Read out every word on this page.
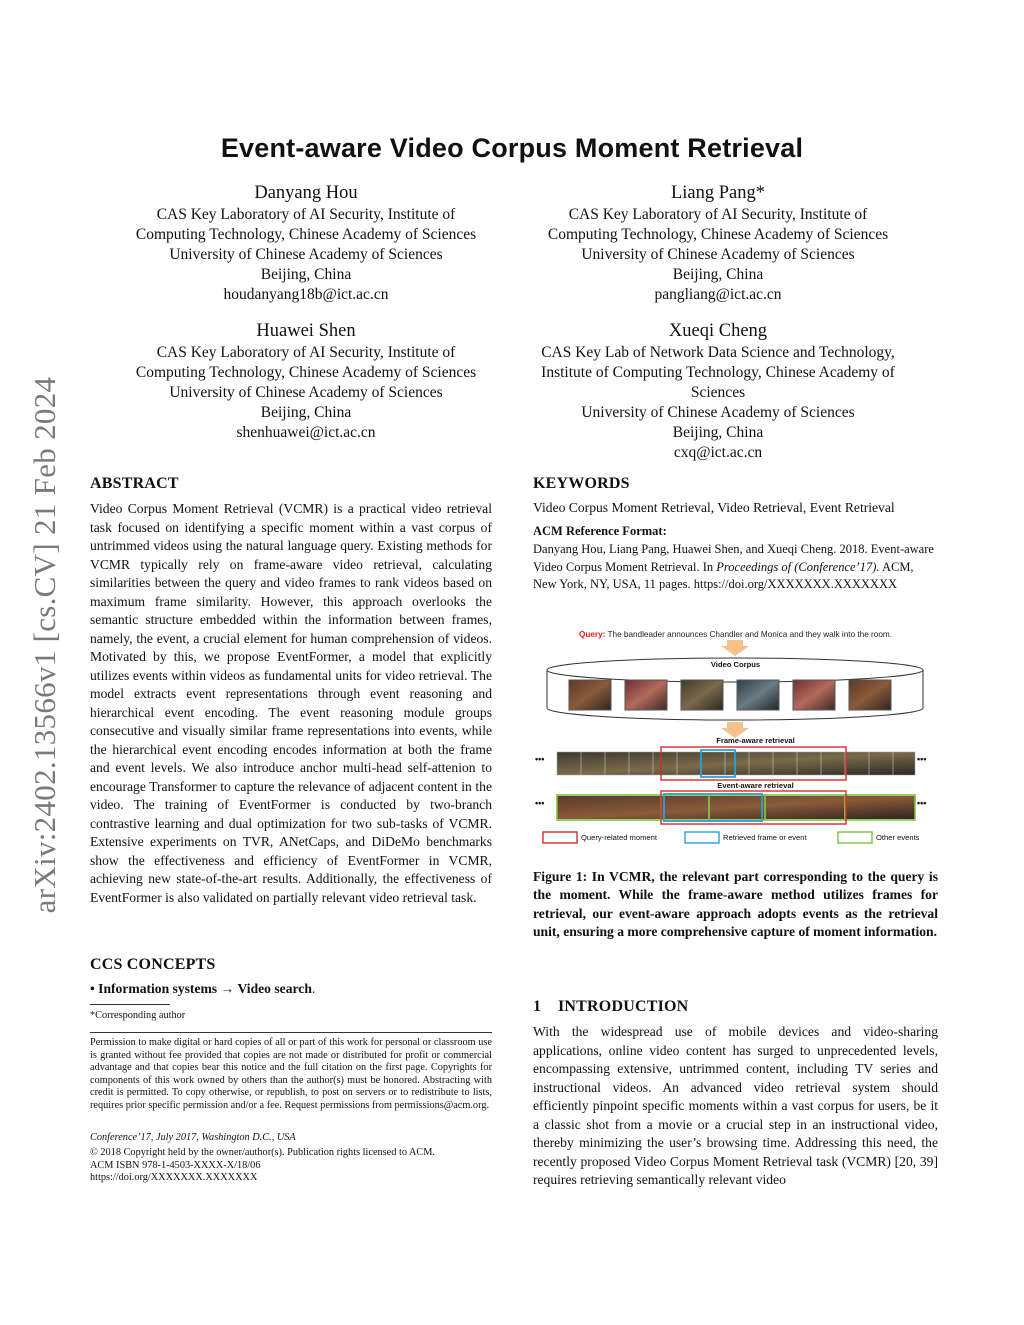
arXiv:2402.13566v1 [cs.CV] 21 Feb 2024
Event-aware Video Corpus Moment Retrieval
Danyang Hou
CAS Key Laboratory of AI Security, Institute of
Computing Technology, Chinese Academy of Sciences
University of Chinese Academy of Sciences
Beijing, China
houdanyang18b@ict.ac.cn
Liang Pang*
CAS Key Laboratory of AI Security, Institute of
Computing Technology, Chinese Academy of Sciences
University of Chinese Academy of Sciences
Beijing, China
pangliang@ict.ac.cn
Huawei Shen
CAS Key Laboratory of AI Security, Institute of
Computing Technology, Chinese Academy of Sciences
University of Chinese Academy of Sciences
Beijing, China
shenhuawei@ict.ac.cn
Xueqi Cheng
CAS Key Lab of Network Data Science and Technology,
Institute of Computing Technology, Chinese Academy of
Sciences
University of Chinese Academy of Sciences
Beijing, China
cxq@ict.ac.cn
ABSTRACT
Video Corpus Moment Retrieval (VCMR) is a practical video retrieval task focused on identifying a specific moment within a vast corpus of untrimmed videos using the natural language query. Existing methods for VCMR typically rely on frame-aware video retrieval, calculating similarities between the query and video frames to rank videos based on maximum frame similarity. However, this approach overlooks the semantic structure embedded within the information between frames, namely, the event, a crucial element for human comprehension of videos. Motivated by this, we propose EventFormer, a model that explicitly utilizes events within videos as fundamental units for video retrieval. The model extracts event representations through event reasoning and hierarchical event encoding. The event reasoning module groups consecutive and visually similar frame representations into events, while the hierarchical event encoding encodes information at both the frame and event levels. We also introduce anchor multi-head self-attenion to encourage Transformer to capture the relevance of adjacent content in the video. The training of EventFormer is conducted by two-branch contrastive learning and dual optimization for two sub-tasks of VCMR. Extensive experiments on TVR, ANetCaps, and DiDeMo benchmarks show the effectiveness and efficiency of EventFormer in VCMR, achieving new state-of-the-art results. Additionally, the effectiveness of EventFormer is also validated on partially relevant video retrieval task.
CCS CONCEPTS
• Information systems → Video search.
*Corresponding author
Permission to make digital or hard copies of all or part of this work for personal or classroom use is granted without fee provided that copies are not made or distributed for profit or commercial advantage and that copies bear this notice and the full citation on the first page. Copyrights for components of this work owned by others than the author(s) must be honored. Abstracting with credit is permitted. To copy otherwise, or republish, to post on servers or to redistribute to lists, requires prior specific permission and/or a fee. Request permissions from permissions@acm.org.
Conference’17, July 2017, Washington D.C., USA
© 2018 Copyright held by the owner/author(s). Publication rights licensed to ACM.
ACM ISBN 978-1-4503-XXXX-X/18/06
https://doi.org/XXXXXXX.XXXXXXX
KEYWORDS
Video Corpus Moment Retrieval, Video Retrieval, Event Retrieval
ACM Reference Format:
Danyang Hou, Liang Pang, Huawei Shen, and Xueqi Cheng. 2018. Event-aware Video Corpus Moment Retrieval. In Proceedings of (Conference’17). ACM, New York, NY, USA, 11 pages. https://doi.org/XXXXXXX.XXXXXXX
Query: The bandleader announces Chandler and Monica and they walk into the room.
Video Corpus
Frame-aware retrieval
Event-aware retrieval
•••	•••
•••	•••
Query-related moment	Retrieved frame or event	Other events
Figure 1: In VCMR, the relevant part corresponding to the query is the moment. While the frame-aware method utilizes frames for retrieval, our event-aware approach adopts events as the retrieval unit, ensuring a more comprehensive capture of moment information.
1    INTRODUCTION
With the widespread use of mobile devices and video-sharing applications, online video content has surged to unprecedented levels, encompassing extensive, untrimmed content, including TV series and instructional videos. An advanced video retrieval system should efficiently pinpoint specific moments within a vast corpus for users, be it a classic shot from a movie or a crucial step in an instructional video, thereby minimizing the user’s browsing time. Addressing this need, the recently proposed Video Corpus Moment Retrieval task (VCMR) [20, 39] requires retrieving semantically relevant video
